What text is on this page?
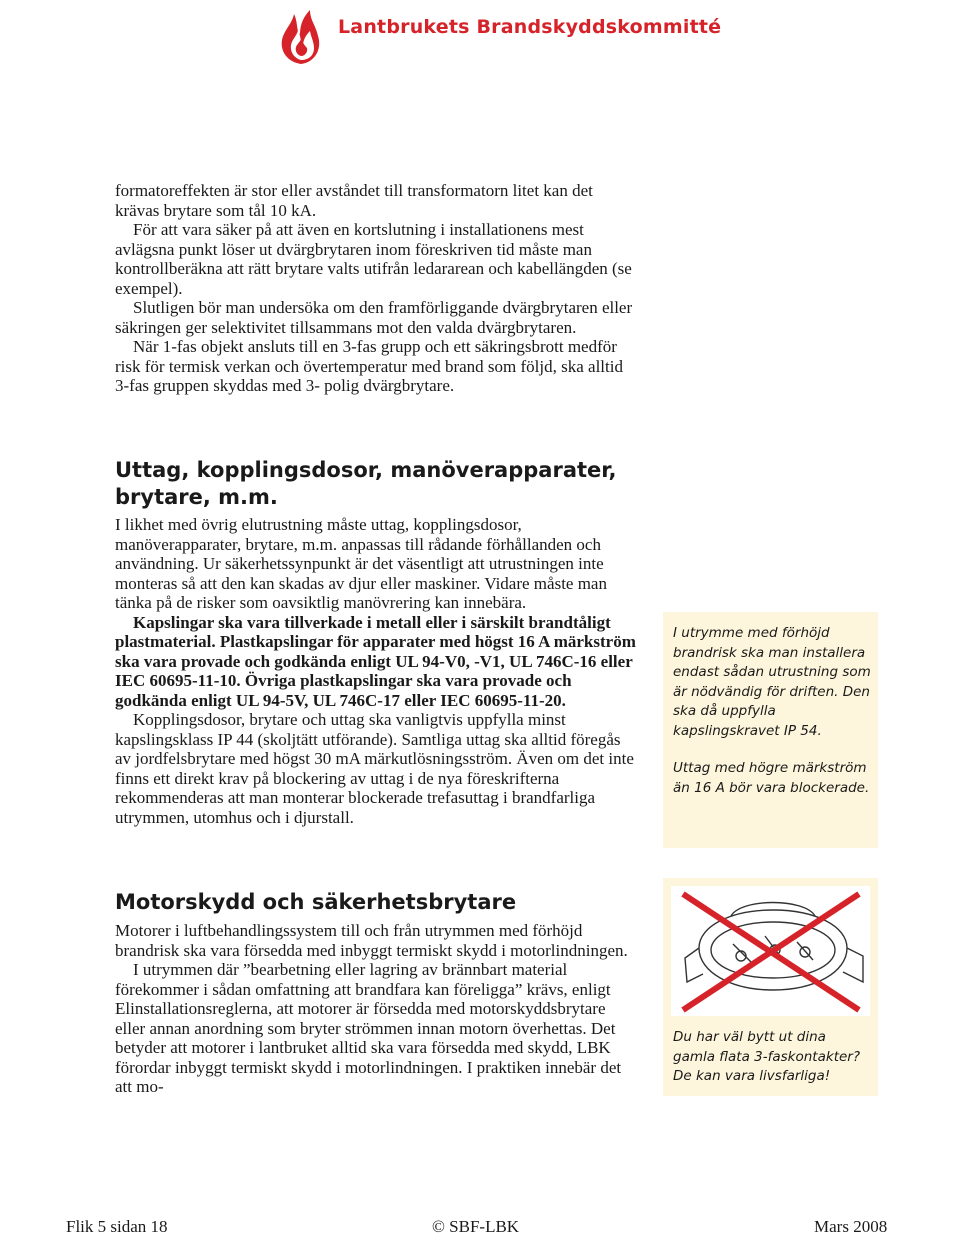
Lantbrukets Brandskyddskommitté

formatoreffekten är stor eller avståndet till transformatorn litet kan det krävas brytare som tål 10 kA.

För att vara säker på att även en kortslutning i installationens mest avlägsna punkt löser ut dvärgbrytaren inom föreskriven tid måste man kontrollberäkna att rätt brytare valts utifrån ledararean och kabellängden (se exempel).

Slutligen bör man undersöka om den framförliggande dvärgbrytaren eller säkringen ger selektivitet tillsammans mot den valda dvärgbrytaren.

När 1-fas objekt ansluts till en 3-fas grupp och ett säkringsbrott medför risk för termisk verkan och övertemperatur med brand som följd, ska alltid 3-fas gruppen skyddas med 3- polig dvärgbrytare.

Uttag, kopplingsdosor, manöverapparater, brytare, m.m.

I likhet med övrig elutrustning måste uttag, kopplingsdosor, manöverapparater, brytare, m.m. anpassas till rådande förhållanden och användning. Ur säkerhetssynpunkt är det väsentligt att utrustningen inte monteras så att den kan skadas av djur eller maskiner. Vidare måste man tänka på de risker som oavsiktlig manövrering kan innebära.

Kapslingar ska vara tillverkade i metall eller i särskilt brandtåligt plastmaterial. Plastkapslingar för apparater med högst 16 A märkström ska vara provade och godkända enligt UL 94-V0, -V1, UL 746C-16 eller IEC 60695-11-10. Övriga plastkapslingar ska vara provade och godkända enligt UL 94-5V, UL 746C-17 eller IEC 60695-11-20.

Kopplingsdosor, brytare och uttag ska vanligtvis uppfylla minst kapslingsklass IP 44 (skoljtätt utförande). Samtliga uttag ska alltid föregås av jordfelsbrytare med högst 30 mA märkutlösningsström. Även om det inte finns ett direkt krav på blockering av uttag i de nya föreskrifterna rekommenderas att man monterar blockerade trefasuttag i brandfarliga utrymmen, utomhus och i djurstall.

Motorskydd och säkerhetsbrytare

Motorer i luftbehandlingssystem till och från utrymmen med förhöjd brandrisk ska vara försedda med inbyggt termiskt skydd i motorlindningen.

I utrymmen där ”bearbetning eller lagring av brännbart material förekommer i sådan omfattning att brandfara kan föreligga” krävs, enligt Elinstallationsreglerna, att motorer är försedda med motorskyddsbrytare eller annan anordning som bryter strömmen innan motorn överhettas. Det betyder att motorer i lantbruket alltid ska vara försedda med skydd, LBK förordar inbyggt termiskt skydd i motorlindningen. I praktiken innebär det att mo-

I utrymme med förhöjd brandrisk ska man installera endast sådan utrustning som är nödvändig för driften. Den ska då uppfylla kapslingskravet IP 54.

Uttag med högre märkström än 16 A bör vara blockerade.

Du har väl bytt ut dina gamla flata 3-faskontakter? De kan vara livsfarliga!

Flik 5 sidan 18	© SBF-LBK	Mars 2008
